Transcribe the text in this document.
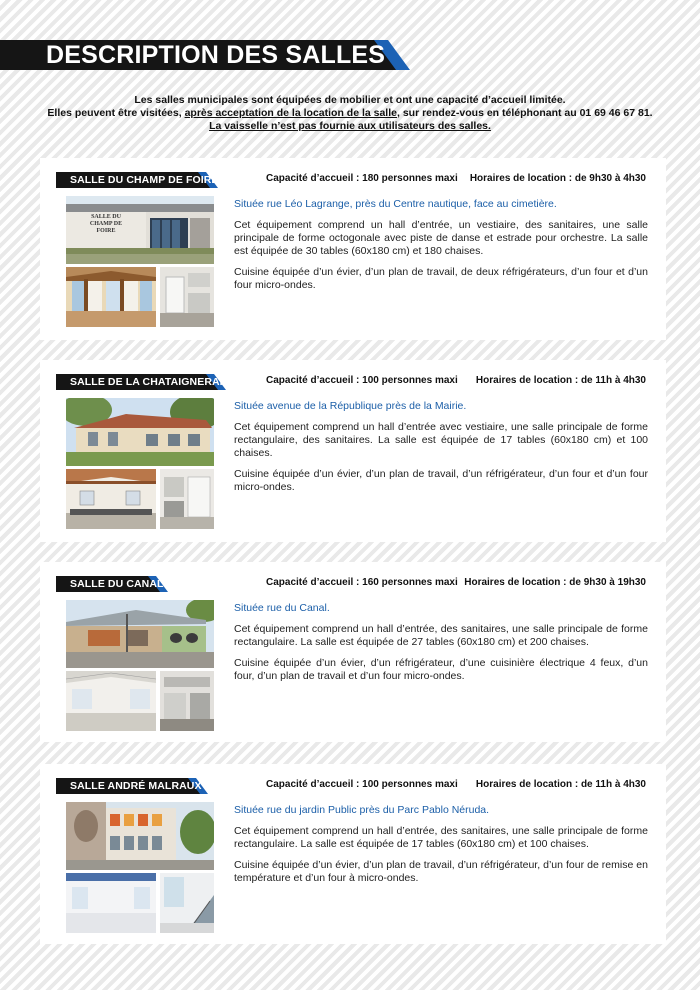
DESCRIPTION DES SALLES
Les salles municipales sont équipées de mobilier et ont une capacité d’accueil limitée.
Elles peuvent être visitées, après acceptation de la location de la salle, sur rendez-vous en téléphonant au 01 69 46 67 81.
La vaisselle n’est pas fournie aux utilisateurs des salles.
SALLE DU CHAMP DE FOIRE	Capacité d’accueil : 180 personnes maxi Horaires de location : de 9h30 à 4h30
SALLE DU CHAMP DE FOIRE
Située rue Léo Lagrange, près du Centre nautique, face au cimetière.
Cet équipement comprend un hall d’entrée, un vestiaire, des sanitaires, une salle principale de forme octogonale avec piste de danse et estrade pour orchestre. La salle est équipée de 30 tables (60x180 cm) et 180 chaises.
Cuisine équipée d’un évier, d’un plan de travail, de deux réfrigérateurs, d’un four et d’un four micro-ondes.
SALLE DE LA CHATAIGNERAIE	Capacité d’accueil : 100 personnes maxi Horaires de location : de 11h à 4h30
Située avenue de la République près de la Mairie.
Cet équipement comprend un hall d’entrée avec vestiaire, une salle principale de forme rectangulaire, des sanitaires. La salle est équipée de 17 tables (60x180 cm) et 100 chaises.
Cuisine équipée d’un évier, d’un plan de travail, d’un réfrigérateur, d’un four et d’un four micro-ondes.
SALLE DU CANAL	Capacité d’accueil : 160 personnes maxi Horaires de location : de 9h30 à 19h30
Située rue du Canal.
Cet équipement comprend un hall d’entrée, des sanitaires, une salle principale de forme rectangulaire. La salle est équipée de 27 tables (60x180 cm) et 200 chaises.
Cuisine équipée d’un évier, d’un réfrigérateur, d’une cuisinière électrique 4 feux, d’un four, d’un plan de travail et d’un four micro-ondes.
SALLE ANDRÉ MALRAUX	Capacité d’accueil : 100 personnes maxi Horaires de location : de 11h à 4h30
Située rue du jardin Public près du Parc Pablo Néruda.
Cet équipement comprend un hall d’entrée, des sanitaires, une salle principale de forme rectangulaire. La salle est équipée de 17 tables (60x180 cm) et 100 chaises.
Cuisine équipée d’un évier, d’un plan de travail, d’un réfrigérateur, d’un four de remise en température et d’un four à micro-ondes.
